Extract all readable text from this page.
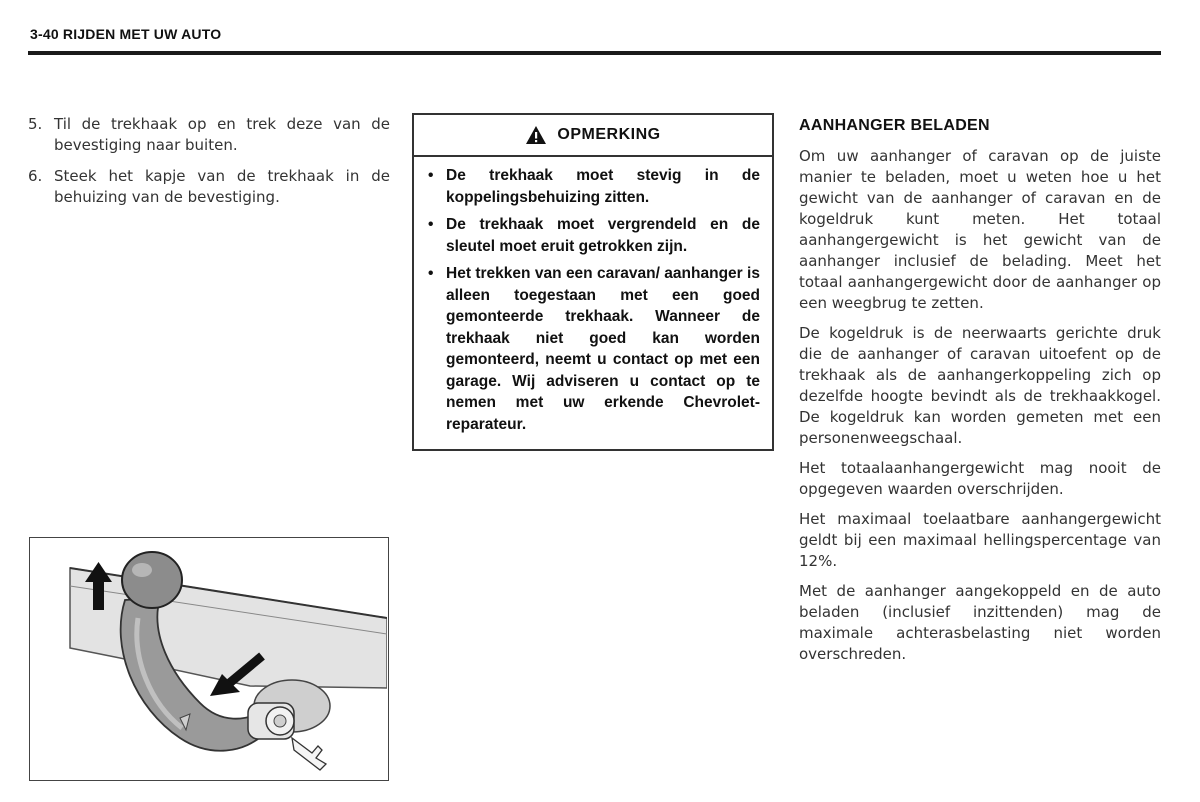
3-40 RIJDEN MET UW AUTO
5. Til de trekhaak op en trek deze van de bevestiging naar buiten.
6. Steek het kapje van de trekhaak in de behuizing van de bevestiging.
OPMERKING
• De trekhaak moet stevig in de koppelingsbehuizing zitten.
• De trekhaak moet vergrendeld en de sleutel moet eruit getrokken zijn.
• Het trekken van een caravan/ aanhanger is alleen toegestaan met een goed gemonteerde trekhaak. Wanneer de trekhaak niet goed kan worden gemonteerd, neemt u contact op met een garage. Wij adviseren u contact op te nemen met uw erkende Chevrolet-reparateur.
AANHANGER BELADEN

Om uw aanhanger of caravan op de juiste manier te beladen, moet u weten hoe u het gewicht van de aanhanger of caravan en de kogeldruk kunt meten. Het totaal aanhangergewicht is het gewicht van de aanhanger inclusief de belading. Meet het totaal aanhangergewicht door de aanhanger op een weegbrug te zetten.

De kogeldruk is de neerwaarts gerichte druk die de aanhanger of caravan uitoefent op de trekhaak als de aanhangerkoppeling zich op dezelfde hoogte bevindt als de trekhaakkogel. De kogeldruk kan worden gemeten met een personenweegschaal.

Het totaalaanhangergewicht mag nooit de opgegeven waarden overschrijden.

Het maximaal toelaatbare aanhangergewicht geldt bij een maximaal hellingspercentage van 12%.

Met de aanhanger aangekoppeld en de auto beladen (inclusief inzittenden) mag de maximale achterasbelasting niet worden overschreden.
